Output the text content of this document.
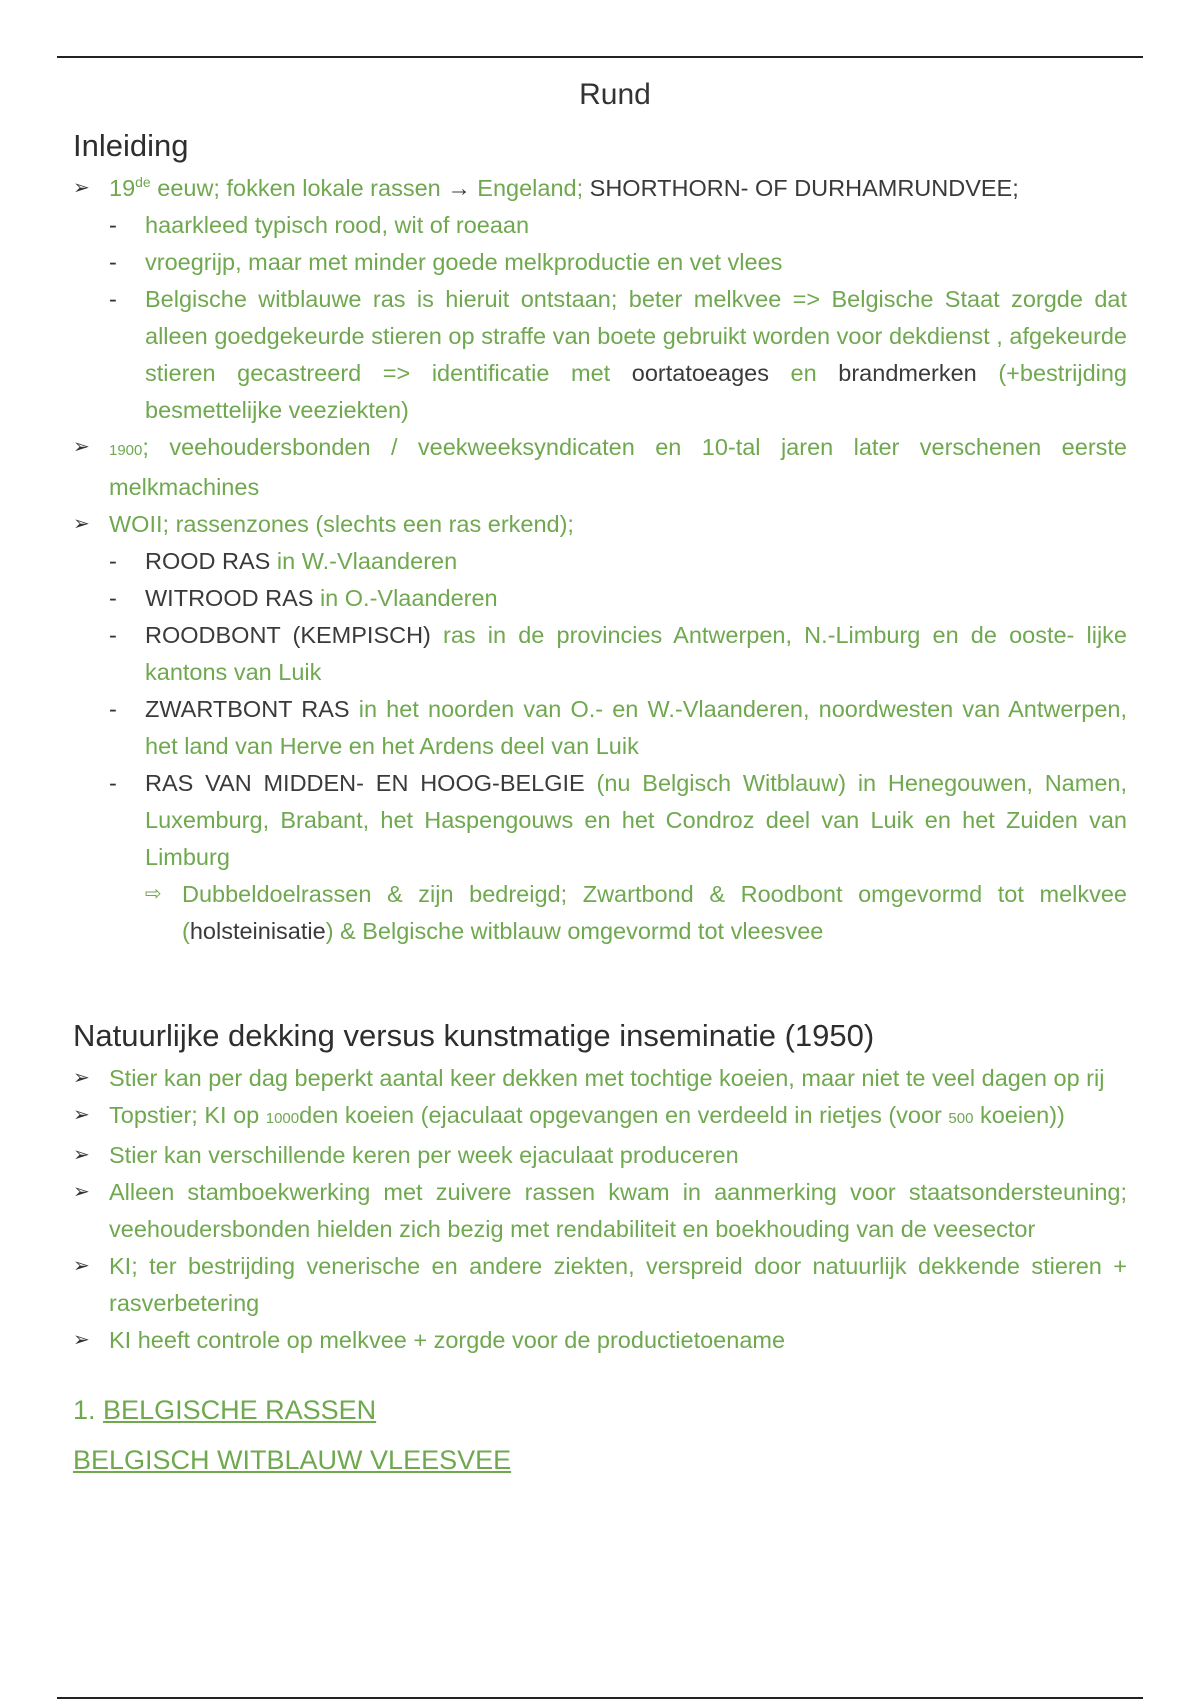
Rund
Inleiding
➢ 19de eeuw; fokken lokale rassen → Engeland; SHORTHORN- OF DURHAMRUNDVEE;
- haarkleed typisch rood, wit of roeaan
- vroegrijp, maar met minder goede melkproductie en vet vlees
- Belgische witblauwe ras is hieruit ontstaan; beter melkvee => Belgische Staat zorgde dat alleen goedgekeurde stieren op straffe van boete gebruikt worden voor dekdienst , afgekeurde stieren gecastreerd => identificatie met oortatoeages en brandmerken (+bestrijding besmettelijke veeziekten)
➢ 1900; veehoudersbonden / veekweeksyndicaten en 10-tal jaren later verschenen eerste melkmachines
➢ WOII; rassenzones (slechts een ras erkend);
- ROOD RAS in W.-Vlaanderen
- WITROOD RAS in O.-Vlaanderen
- ROODBONT (KEMPISCH) ras in de provincies Antwerpen, N.-Limburg en de ooste- lijke kantons van Luik
- ZWARTBONT RAS in het noorden van O.- en W.-Vlaanderen, noordwesten van Antwerpen, het land van Herve en het Ardens deel van Luik
- RAS VAN MIDDEN- EN HOOG-BELGIE (nu Belgisch Witblauw) in Henegouwen, Namen, Luxemburg, Brabant, het Haspengouws en het Condroz deel van Luik en het Zuiden van Limburg
⇨ Dubbeldoelrassen & zijn bedreigd; Zwartbond & Roodbont omgevormd tot melkvee (holsteinisatie) & Belgische witblauw omgevormd tot vleesvee
Natuurlijke dekking versus kunstmatige inseminatie (1950)
➢ Stier kan per dag beperkt aantal keer dekken met tochtige koeien, maar niet te veel dagen op rij
➢ Topstier; KI op 1000den koeien (ejaculaat opgevangen en verdeeld in rietjes (voor 500 koeien))
➢ Stier kan verschillende keren per week ejaculaat produceren
➢ Alleen stamboekwerking met zuivere rassen kwam in aanmerking voor staatsondersteuning; veehoudersbonden hielden zich bezig met rendabiliteit en boekhouding van de veesector
➢ KI; ter bestrijding venerische en andere ziekten, verspreid door natuurlijk dekkende stieren + rasverbetering
➢ KI heeft controle op melkvee + zorgde voor de productietoename
1. BELGISCHE RASSEN
BELGISCH WITBLAUW VLEESVEE
